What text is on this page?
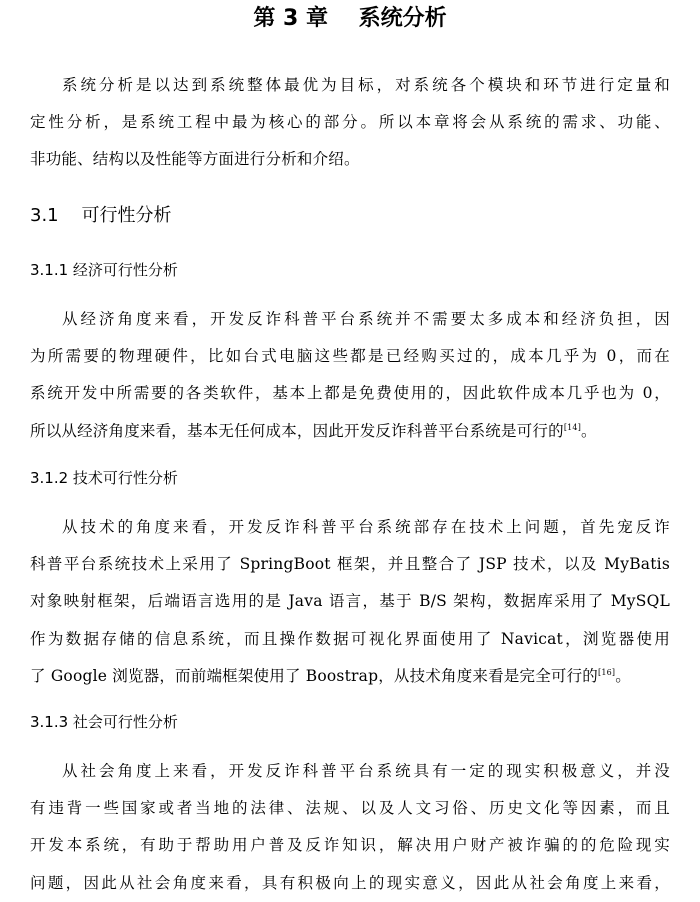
第 3 章    系统分析
系统分析是以达到系统整体最优为目标，对系统各个模块和环节进行定量和
定性分析，是系统工程中最为核心的部分。所以本章将会从系统的需求、功能、
非功能、结构以及性能等方面进行分析和介绍。
3.1    可行性分析
3.1.1 经济可行性分析
从经济角度来看，开发反诈科普平台系统并不需要太多成本和经济负担，因
为所需要的物理硬件，比如台式电脑这些都是已经购买过的，成本几乎为 0，而在
系统开发中所需要的各类软件，基本上都是免费使用的，因此软件成本几乎也为 0，
所以从经济角度来看，基本无任何成本，因此开发反诈科普平台系统是可行的[14]。
3.1.2 技术可行性分析
从技术的角度来看，开发反诈科普平台系统部存在技术上问题，首先宠反诈
科普平台系统技术上采用了 SpringBoot 框架，并且整合了 JSP 技术，以及 MyBatis
对象映射框架，后端语言选用的是 Java 语言，基于 B/S 架构，数据库采用了 MySQL
作为数据存储的信息系统，而且操作数据可视化界面使用了 Navicat，浏览器使用
了 Google 浏览器，而前端框架使用了 Boostrap，从技术角度来看是完全可行的[16]。
3.1.3 社会可行性分析
从社会角度上来看，开发反诈科普平台系统具有一定的现实积极意义，并没
有违背一些国家或者当地的法律、法规、以及人文习俗、历史文化等因素，而且
开发本系统，有助于帮助用户普及反诈知识，解决用户财产被诈骗的的危险现实
问题，因此从社会角度来看，具有积极向上的现实意义，因此从社会角度上来看，
